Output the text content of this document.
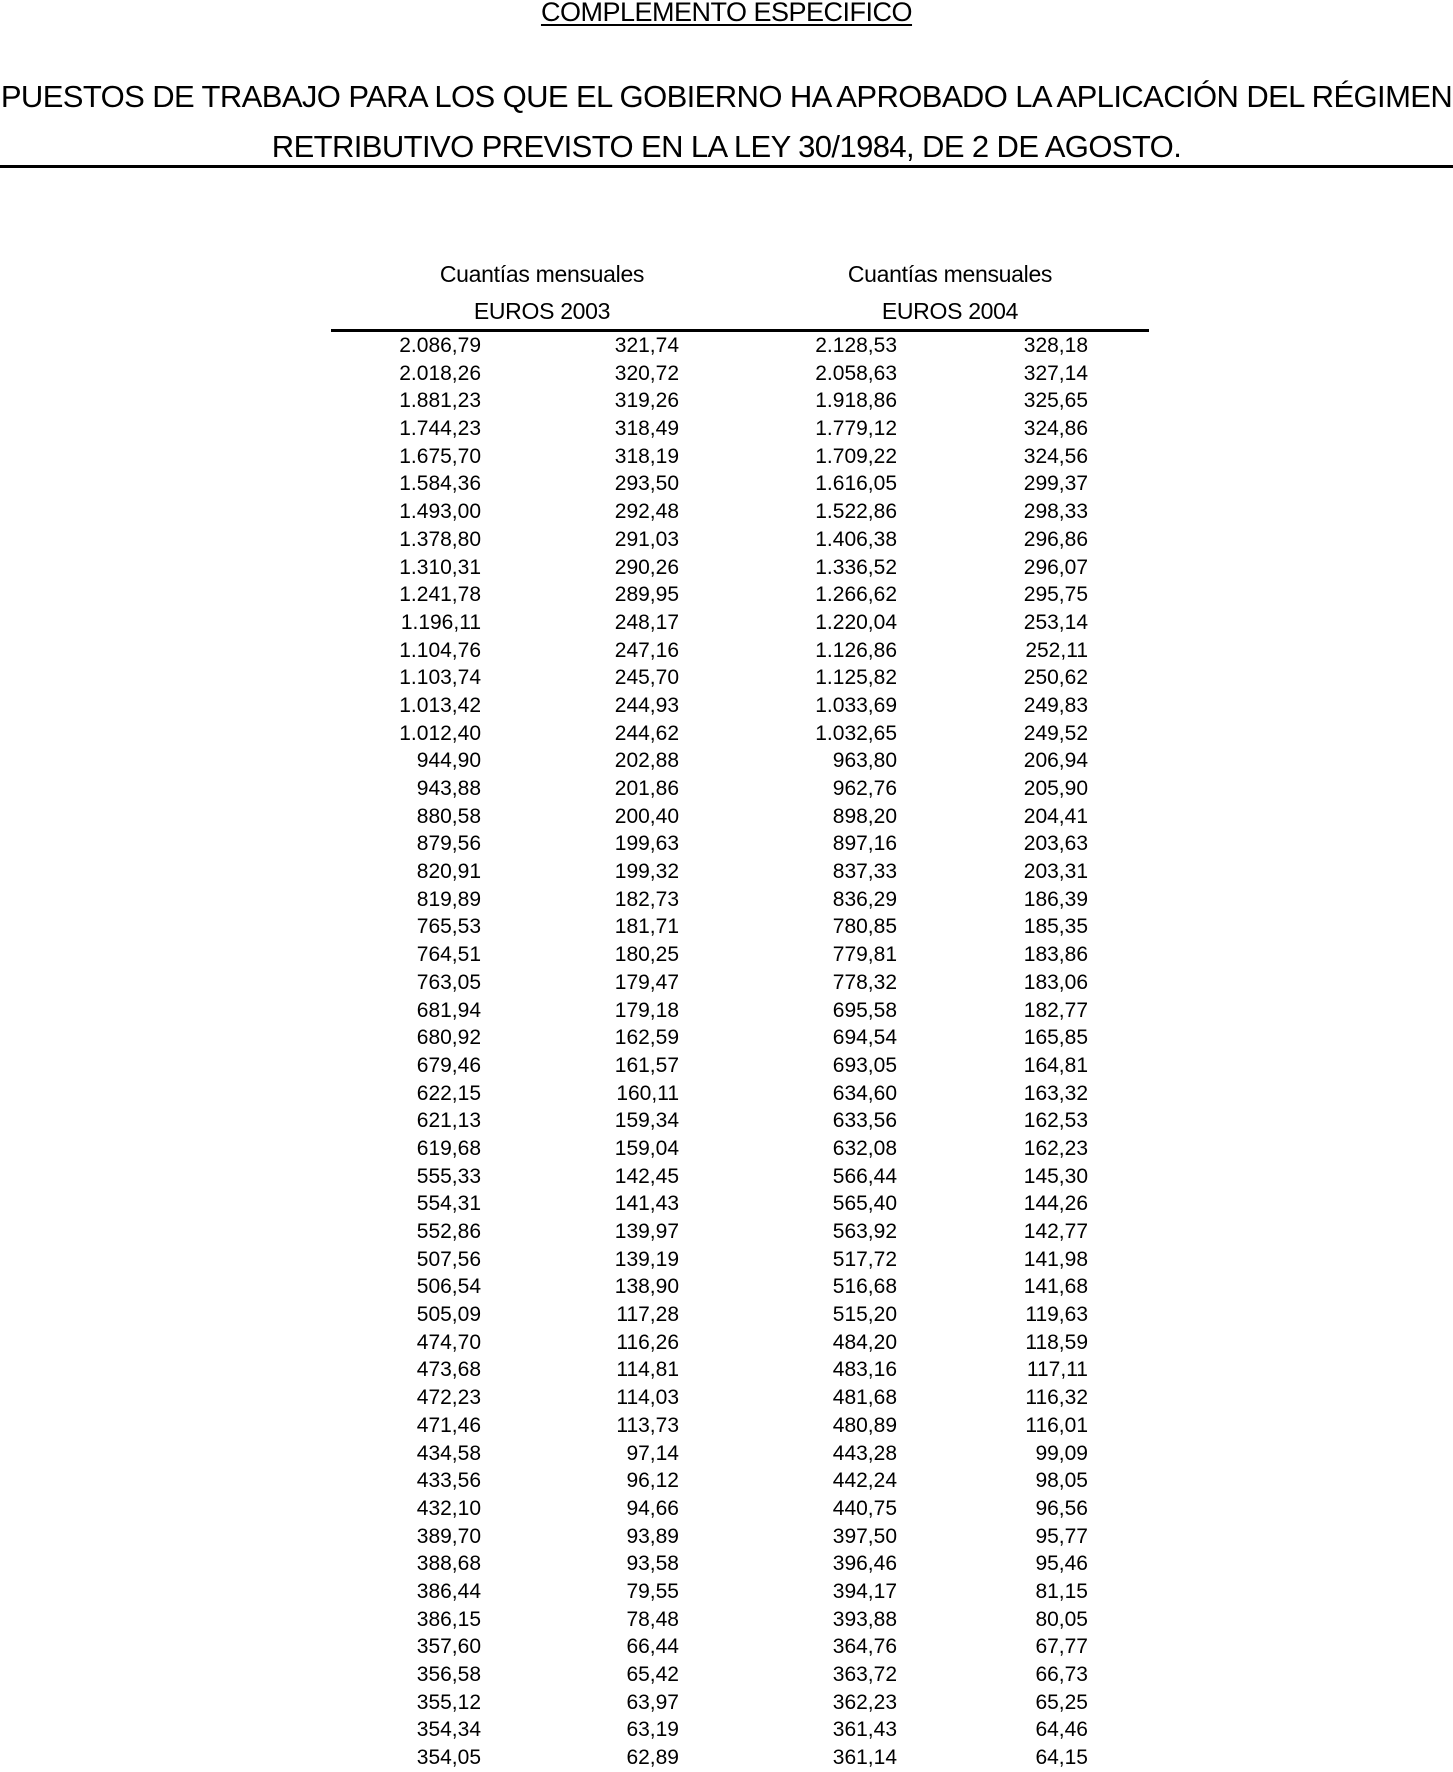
COMPLEMENTO ESPECIFICO
PUESTOS DE TRABAJO PARA LOS QUE EL GOBIERNO HA APROBADO LA APLICACIÓN DEL RÉGIMEN
RETRIBUTIVO PREVISTO EN LA LEY 30/1984, DE 2 DE AGOSTO.
Cuantías mensuales
EUROS 2003
Cuantías mensuales
EUROS 2004
2.086,79	321,74	2.128,53	328,18
2.018,26	320,72	2.058,63	327,14
1.881,23	319,26	1.918,86	325,65
1.744,23	318,49	1.779,12	324,86
1.675,70	318,19	1.709,22	324,56
1.584,36	293,50	1.616,05	299,37
1.493,00	292,48	1.522,86	298,33
1.378,80	291,03	1.406,38	296,86
1.310,31	290,26	1.336,52	296,07
1.241,78	289,95	1.266,62	295,75
1.196,11	248,17	1.220,04	253,14
1.104,76	247,16	1.126,86	252,11
1.103,74	245,70	1.125,82	250,62
1.013,42	244,93	1.033,69	249,83
1.012,40	244,62	1.032,65	249,52
944,90	202,88	963,80	206,94
943,88	201,86	962,76	205,90
880,58	200,40	898,20	204,41
879,56	199,63	897,16	203,63
820,91	199,32	837,33	203,31
819,89	182,73	836,29	186,39
765,53	181,71	780,85	185,35
764,51	180,25	779,81	183,86
763,05	179,47	778,32	183,06
681,94	179,18	695,58	182,77
680,92	162,59	694,54	165,85
679,46	161,57	693,05	164,81
622,15	160,11	634,60	163,32
621,13	159,34	633,56	162,53
619,68	159,04	632,08	162,23
555,33	142,45	566,44	145,30
554,31	141,43	565,40	144,26
552,86	139,97	563,92	142,77
507,56	139,19	517,72	141,98
506,54	138,90	516,68	141,68
505,09	117,28	515,20	119,63
474,70	116,26	484,20	118,59
473,68	114,81	483,16	117,11
472,23	114,03	481,68	116,32
471,46	113,73	480,89	116,01
434,58	97,14	443,28	99,09
433,56	96,12	442,24	98,05
432,10	94,66	440,75	96,56
389,70	93,89	397,50	95,77
388,68	93,58	396,46	95,46
386,44	79,55	394,17	81,15
386,15	78,48	393,88	80,05
357,60	66,44	364,76	67,77
356,58	65,42	363,72	66,73
355,12	63,97	362,23	65,25
354,34	63,19	361,43	64,46
354,05	62,89	361,14	64,15
